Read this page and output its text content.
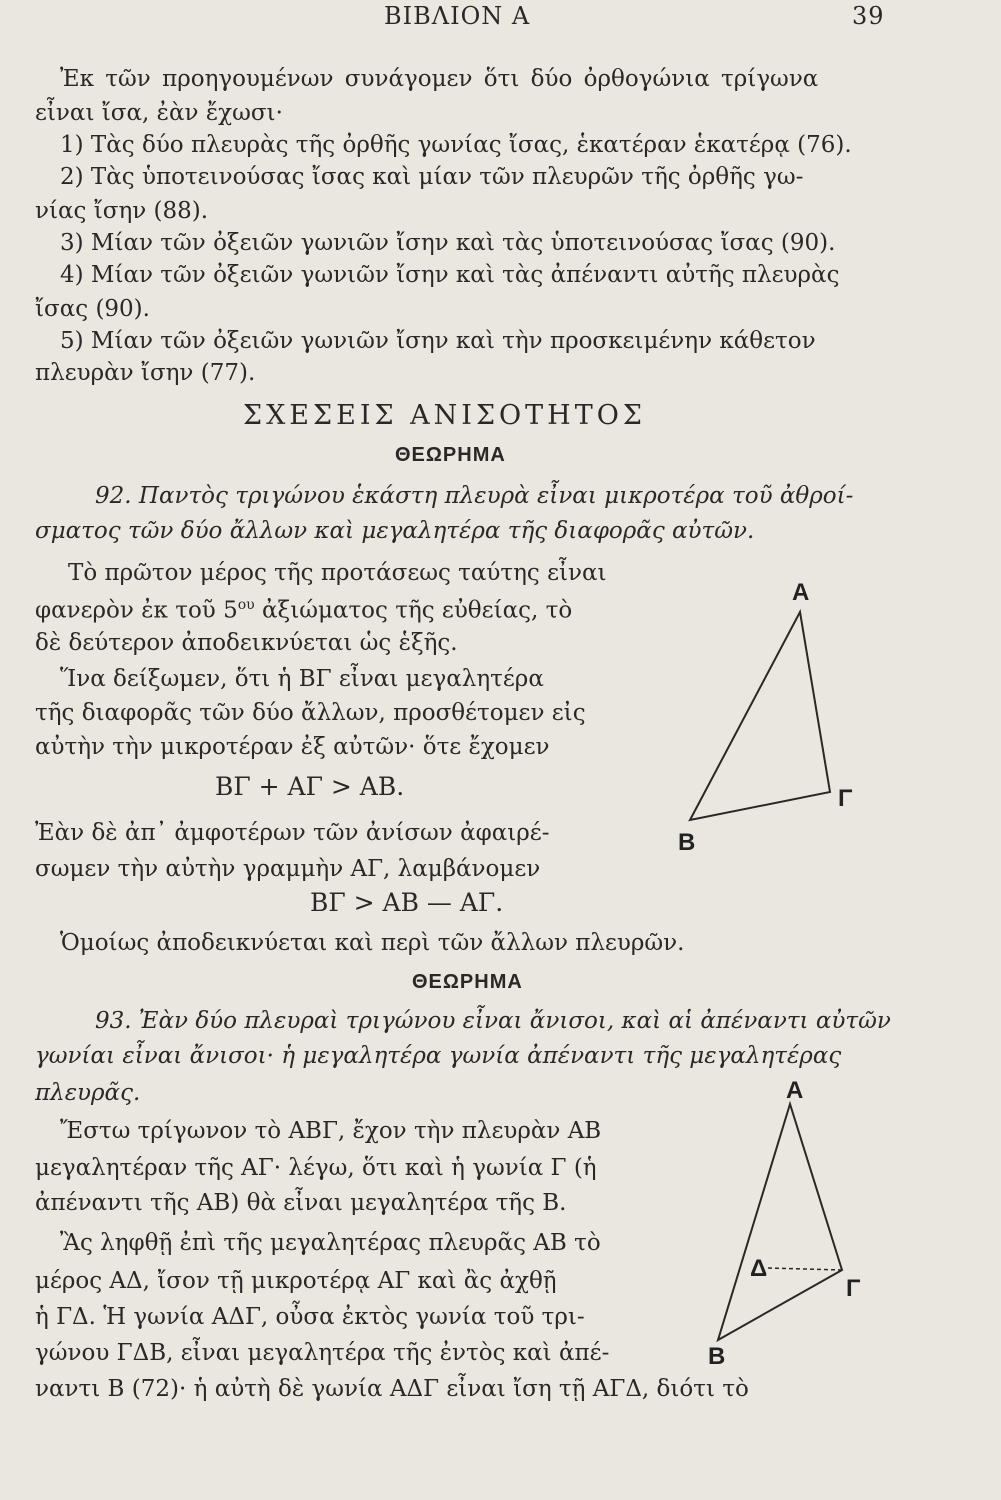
ΒΙΒΛΙΟΝ Α	39
Ἐκ τῶν προηγουμένων συνάγομεν ὅτι δύο ὀρθογώνια τρίγωνα
εἶναι ἴσα, ἐὰν ἔχωσι·
1) Τὰς δύο πλευρὰς τῆς ὀρθῆς γωνίας ἴσας, ἑκατέραν ἑκατέρᾳ (76).
2) Τὰς ὑποτεινούσας ἴσας καὶ μίαν τῶν πλευρῶν τῆς ὀρθῆς γω-
νίας ἴσην (88).
3) Μίαν τῶν ὀξειῶν γωνιῶν ἴσην καὶ τὰς ὑποτεινούσας ἴσας (90).
4) Μίαν τῶν ὀξειῶν γωνιῶν ἴσην καὶ τὰς ἀπέναντι αὐτῆς πλευρὰς
ἴσας (90).
5) Μίαν τῶν ὀξειῶν γωνιῶν ἴσην καὶ τὴν προσκειμένην κάθετον
πλευρὰν ἴσην (77).
ΣΧΕΣΕΙΣ ΑΝΙΣΟΤΗΤΟΣ
ΘΕΩΡΗΜΑ
92. Παντὸς τριγώνου ἑκάστη πλευρὰ εἶναι μικροτέρα τοῦ ἀθροί-
σματος τῶν δύο ἄλλων καὶ μεγαλητέρα τῆς διαφορᾶς αὐτῶν.
Τὸ πρῶτον μέρος τῆς προτάσεως ταύτης εἶναι
φανερὸν ἐκ τοῦ $5^{o\upsilon}$ ἀξιώματος τῆς εὐθείας, τὸ
δὲ δεύτερον ἀποδεικνύεται ὡς ἑξῆς.
Ἵνα δείξωμεν, ὅτι ἡ ΒΓ εἶναι μεγαλητέρα
τῆς διαφορᾶς τῶν δύο ἄλλων, προσθέτομεν εἰς
αὐτὴν τὴν μικροτέραν ἐξ αὐτῶν· ὅτε ἔχομεν
ΒΓ + ΑΓ > ΑΒ.
Ἐὰν δὲ ἀπ᾽ ἀμφοτέρων τῶν ἀνίσων ἀφαιρέ-
σωμεν τὴν αὐτὴν γραμμὴν ΑΓ, λαμβάνομεν
ΒΓ > ΑΒ — ΑΓ.
Ὁμοίως ἀποδεικνύεται καὶ περὶ τῶν ἄλλων πλευρῶν.
ΘΕΩΡΗΜΑ
93. Ἐὰν δύο πλευραὶ τριγώνου εἶναι ἄνισοι, καὶ αἱ ἀπέναντι αὐτῶν
γωνίαι εἶναι ἄνισοι· ἡ μεγαλητέρα γωνία ἀπέναντι τῆς μεγαλητέρας
πλευρᾶς.
Ἔστω τρίγωνον τὸ ΑΒΓ, ἔχον τὴν πλευρὰν ΑΒ
μεγαλητέραν τῆς ΑΓ· λέγω, ὅτι καὶ ἡ γωνία Γ (ἡ
ἀπέναντι τῆς ΑΒ) θὰ εἶναι μεγαλητέρα τῆς Β.
Ἂς ληφθῇ ἐπὶ τῆς μεγαλητέρας πλευρᾶς ΑΒ τὸ
μέρος ΑΔ, ἴσον τῇ μικροτέρᾳ ΑΓ καὶ ἂς ἀχθῇ
ἡ ΓΔ. Ἡ γωνία ΑΔΓ, οὖσα ἐκτὸς γωνία τοῦ τρι-
γώνου ΓΔΒ, εἶναι μεγαλητέρα τῆς ἐντὸς καὶ ἀπέ-
ναντι Β (72)· ἡ αὐτὴ δὲ γωνία ΑΔΓ εἶναι ἴση τῇ ΑΓΔ, διότι τὸ
A
B
Γ
A
B
Γ
Δ
